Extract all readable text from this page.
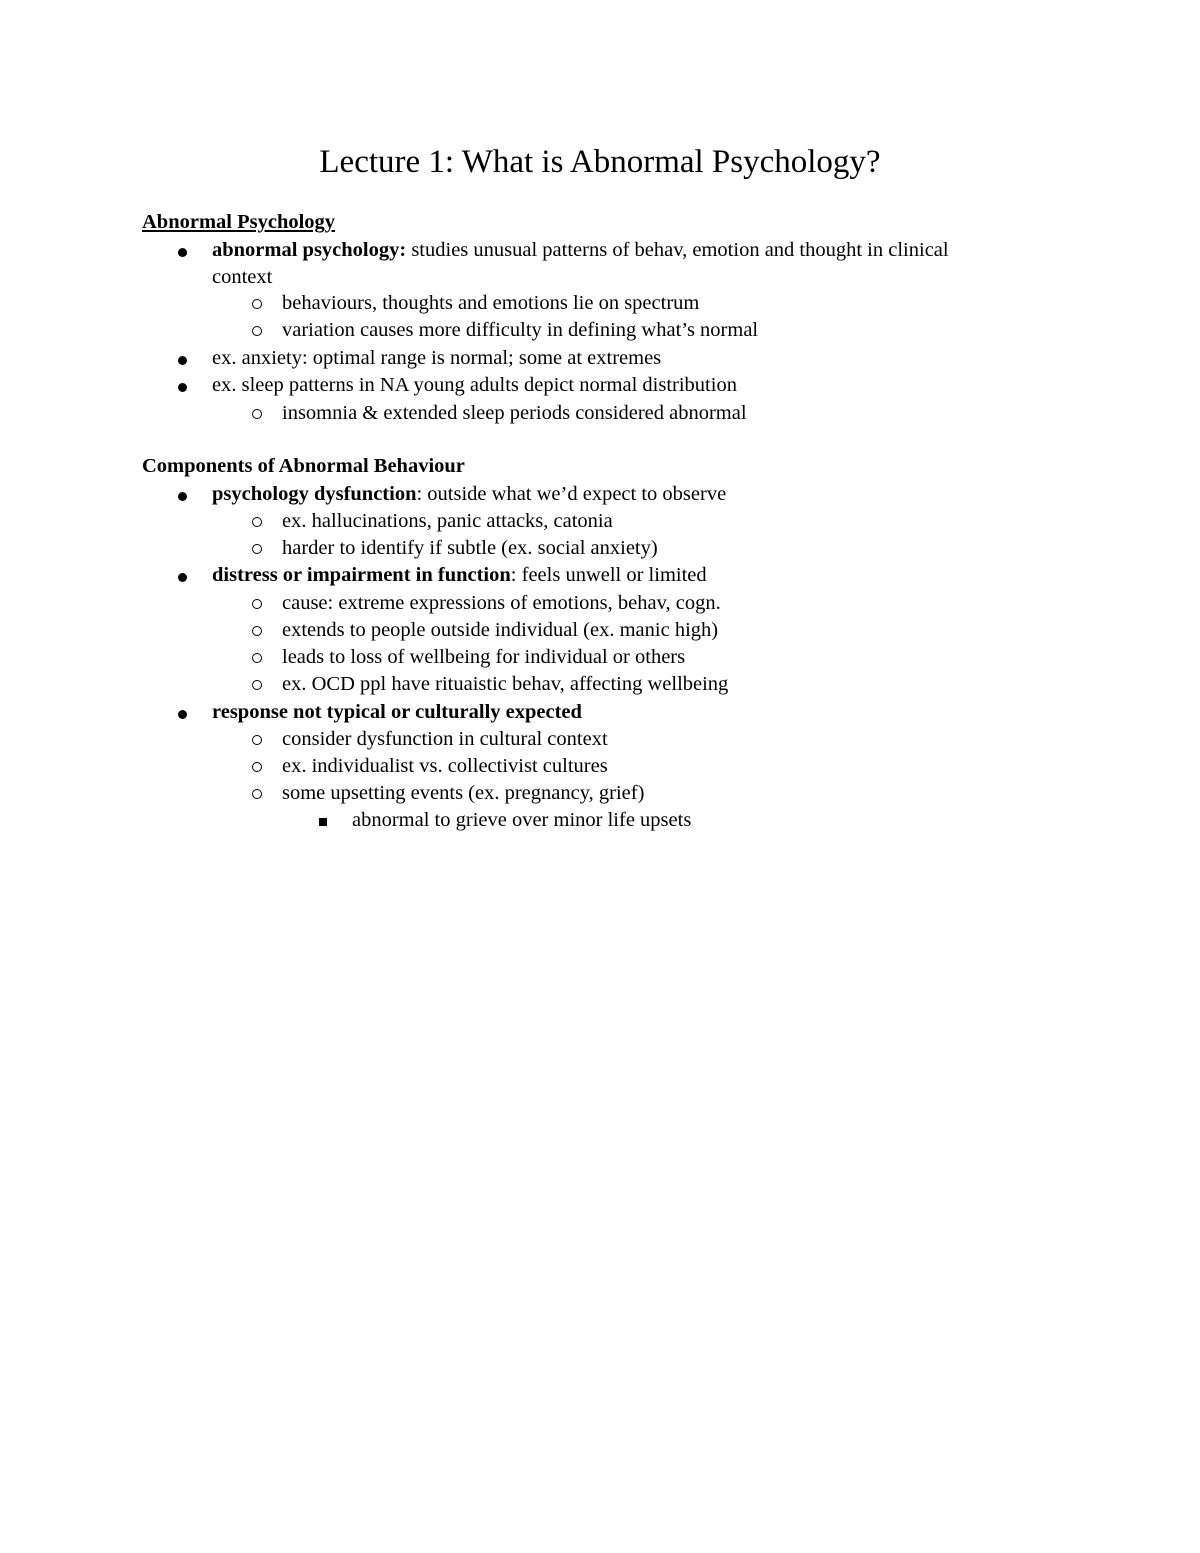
Lecture 1: What is Abnormal Psychology?
Abnormal Psychology
abnormal psychology: studies unusual patterns of behav, emotion and thought in clinical
context
behaviours, thoughts and emotions lie on spectrum
variation causes more difficulty in defining what’s normal
ex. anxiety: optimal range is normal; some at extremes
ex. sleep patterns in NA young adults depict normal distribution
insomnia & extended sleep periods considered abnormal
Components of Abnormal Behaviour
psychology dysfunction: outside what we’d expect to observe
ex. hallucinations, panic attacks, catonia
harder to identify if subtle (ex. social anxiety)
distress or impairment in function: feels unwell or limited
cause: extreme expressions of emotions, behav, cogn.
extends to people outside individual (ex. manic high)
leads to loss of wellbeing for individual or others
ex. OCD ppl have rituaistic behav, affecting wellbeing
response not typical or culturally expected
consider dysfunction in cultural context
ex. individualist vs. collectivist cultures
some upsetting events (ex. pregnancy, grief)
abnormal to grieve over minor life upsets
